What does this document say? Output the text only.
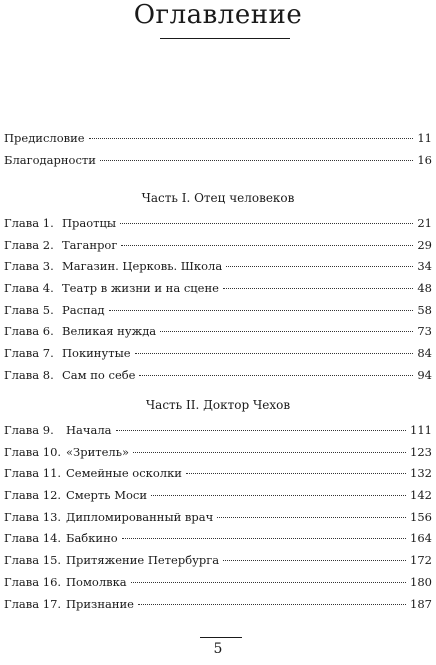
Оглавление
Предисловие	11
Благодарности	16
Часть I. Отец человеков
Глава 1. Праотцы	21
Глава 2. Таганрог	29
Глава 3. Магазин. Церковь. Школа	34
Глава 4. Театр в жизни и на сцене	48
Глава 5. Распад	58
Глава 6. Великая нужда	73
Глава 7. Покинутые	84
Глава 8. Сам по себе	94
Часть II. Доктор Чехов
Глава 9.	Начала	111
Глава 10. «Зритель»	123
Глава 11. Семейные осколки	132
Глава 12. Смерть Моси	142
Глава 13. Дипломированный врач	156
Глава 14. Бабкино	164
Глава 15. Притяжение Петербурга	172
Глава 16. Помолвка	180
Глава 17. Признание	187
5
